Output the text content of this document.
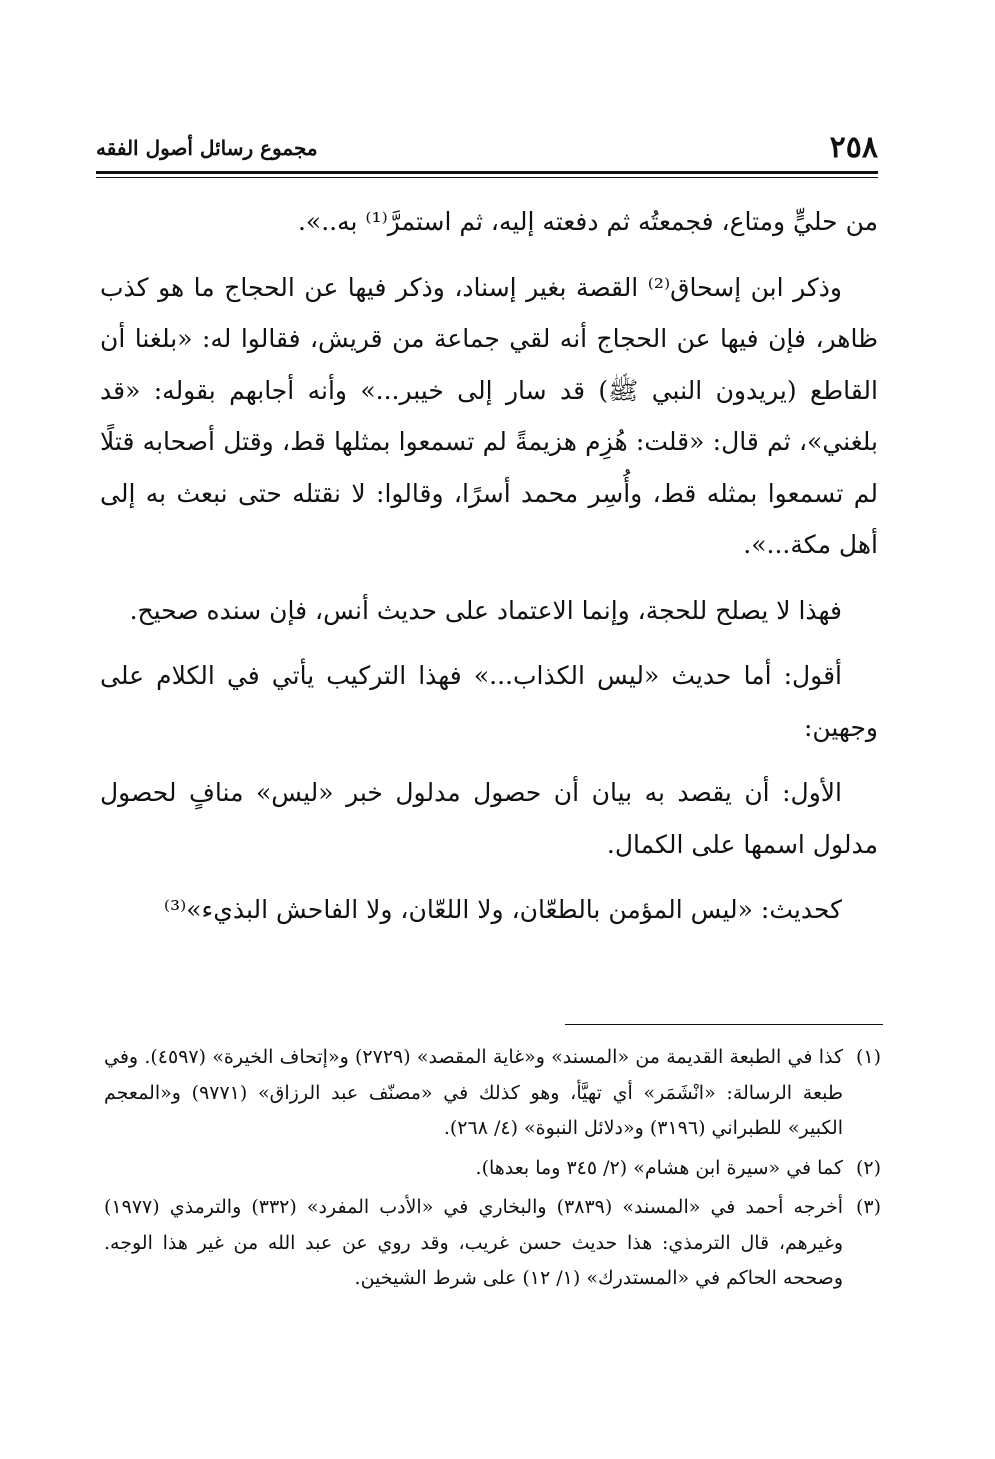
٢٥٨
مجموع رسائل أصول الفقه

من حليٍّ ومتاع، فجمعتُه ثم دفعته إليه، ثم استمرَّ⁽¹⁾ به..».

وذكر ابن إسحاق⁽²⁾ القصة بغير إسناد، وذكر فيها عن الحجاج ما هو كذب ظاهر، فإن فيها عن الحجاج أنه لقي جماعة من قريش، فقالوا له: «بلغنا أن القاطع (يريدون النبي ﷺ) قد سار إلى خيبر...» وأنه أجابهم بقوله: «قد بلغني»، ثم قال: «قلت: هُزِم هزيمةً لم تسمعوا بمثلها قط، وقتل أصحابه قتلًا لم تسمعوا بمثله قط، وأُسِر محمد أسرًا، وقالوا: لا نقتله حتى نبعث به إلى أهل مكة...».

فهذا لا يصلح للحجة، وإنما الاعتماد على حديث أنس، فإن سنده صحيح.

أقول: أما حديث «ليس الكذاب...» فهذا التركيب يأتي في الكلام على وجهين:

الأول: أن يقصد به بيان أن حصول مدلول خبر «ليس» منافٍ لحصول مدلول اسمها على الكمال.

كحديث: «ليس المؤمن بالطعّان، ولا اللعّان، ولا الفاحش البذيء»⁽³⁾

(١)
كذا في الطبعة القديمة من «المسند» و«غاية المقصد» (٢٧٢٩) و«إتحاف الخيرة» (٤٥٩٧). وفي طبعة الرسالة: «انْشَمَر» أي تهيَّأ، وهو كذلك في «مصنّف عبد الرزاق» (٩٧٧١) و«المعجم الكبير» للطبراني (٣١٩٦) و«دلائل النبوة» (٤/ ٢٦٨).
(٢)
كما في «سيرة ابن هشام» (٢/ ٣٤٥ وما بعدها).
(٣)
أخرجه أحمد في «المسند» (٣٨٣٩) والبخاري في «الأدب المفرد» (٣٣٢) والترمذي (١٩٧٧) وغيرهم، قال الترمذي: هذا حديث حسن غريب، وقد روي عن عبد الله من غير هذا الوجه. وصححه الحاكم في «المستدرك» (١/ ١٢) على شرط الشيخين.
